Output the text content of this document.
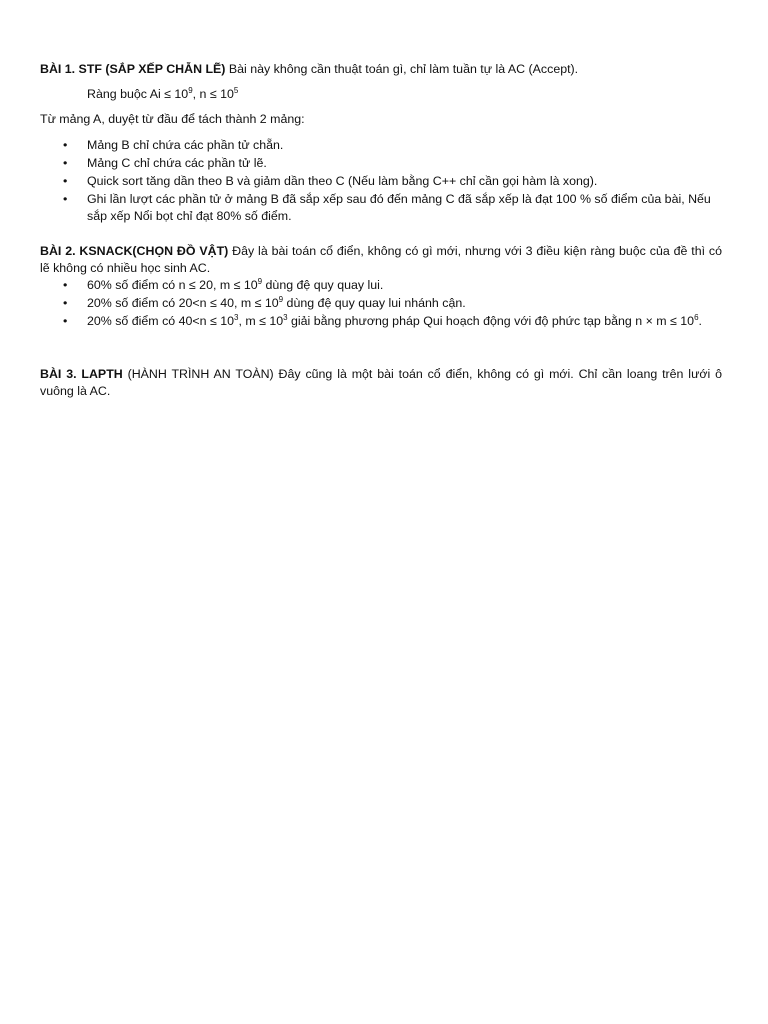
BÀI 1. STF (SẮP XẾP CHẴN LẼ) Bài này không cần thuật toán gì, chỉ làm tuần tự là AC (Accept).

Ràng buộc $Ai \le 10^9$, $n \le 10^5$

Từ mảng A, duyệt từ đầu để tách thành 2 mảng:

• Mảng B chỉ chứa các phần tử chẵn.
• Mảng C chỉ chứa các phần tử lẽ.
• Quick sort tăng dần theo B và giảm dần theo C (Nếu làm bằng C++ chỉ cần gọi hàm là xong).
• Ghi lần lượt các phần tử ở mảng B đã sắp xếp sau đó đến mảng C đã sắp xếp là đạt 100 % số điểm của bài, Nếu sắp xếp Nổi bọt chỉ đạt 80% số điểm.

BÀI 2. KSNACK(CHỌN ĐỒ VẬT) Đây là bài toán cổ điển, không có gì mới, nhưng với 3 điều kiện ràng buộc của đề thì có lẽ không có nhiều học sinh AC.

• 60% số điểm có n ≤ 20, $m \le 10^9$ dùng đệ quy quay lui.
• 20% số điểm có 20<n ≤ 40, $m \le 10^9$ dùng đệ quy quay lui nhánh cận.
• 20% số điểm có $40<n \le 10^3$, $m \le 10^3$ giải bằng phương pháp Qui hoạch động với độ phức tạp bằng $n \times m \le 10^6$.

BÀI 3. LAPTH (HÀNH TRÌNH AN TOÀN) Đây cũng là một bài toán cổ điển, không có gì mới. Chỉ cần loang trên lưới ô vuông là AC.
